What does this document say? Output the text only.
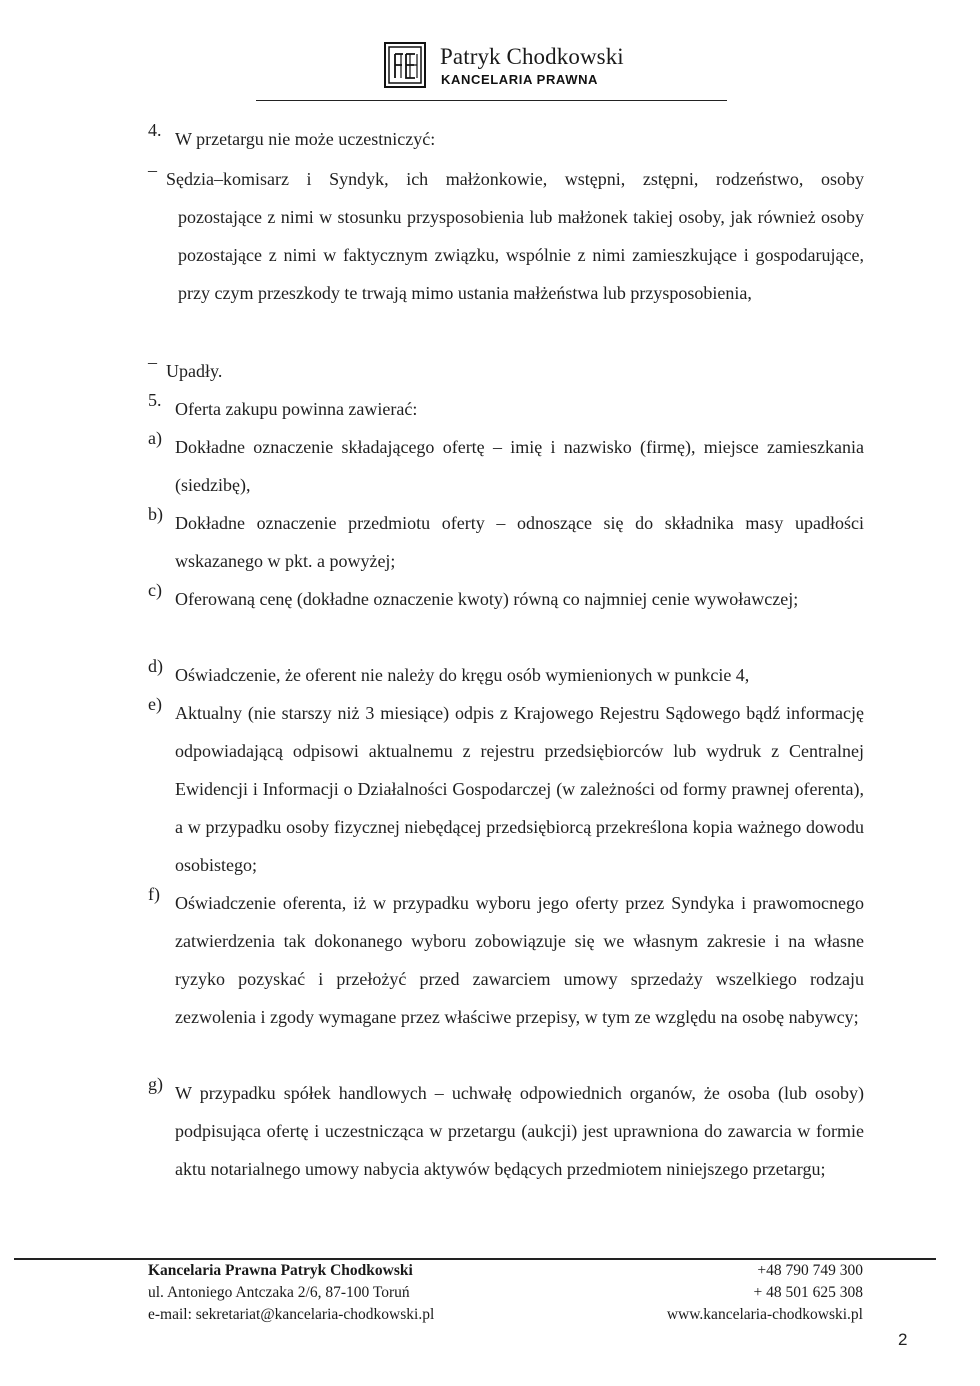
Patryk Chodkowski
KANCELARIA PRAWNA
4. W przetargu nie może uczestniczyć:
– Sędzia–komisarz i Syndyk, ich małżonkowie, wstępni, zstępni, rodzeństwo, osoby
pozostające z nimi w stosunku przysposobienia lub małżonek takiej osoby, jak również osoby pozostające z nimi w faktycznym związku, wspólnie z nimi zamieszkujące i gospodarujące, przy czym przeszkody te trwają mimo ustania małżeństwa lub przysposobienia,
– Upadły.
5. Oferta zakupu powinna zawierać:
a) Dokładne oznaczenie składającego ofertę – imię i nazwisko (firmę), miejsce zamieszkania (siedzibę),
b) Dokładne oznaczenie przedmiotu oferty – odnoszące się do składnika masy upadłości wskazanego w pkt. a powyżej;
c) Oferowaną cenę (dokładne oznaczenie kwoty) równą co najmniej cenie wywoławczej;
d) Oświadczenie, że oferent nie należy do kręgu osób wymienionych w punkcie 4,
e) Aktualny (nie starszy niż 3 miesiące) odpis z Krajowego Rejestru Sądowego bądź informację odpowiadającą odpisowi aktualnemu z rejestru przedsiębiorców lub wydruk z Centralnej Ewidencji i Informacji o Działalności Gospodarczej (w zależności od formy prawnej oferenta), a w przypadku osoby fizycznej niebędącej przedsiębiorcą przekreślona kopia ważnego dowodu osobistego;
f) Oświadczenie oferenta, iż w przypadku wyboru jego oferty przez Syndyka i prawomocnego zatwierdzenia tak dokonanego wyboru zobowiązuje się we własnym zakresie i na własne ryzyko pozyskać i przełożyć przed zawarciem umowy sprzedaży wszelkiego rodzaju zezwolenia i zgody wymagane przez właściwe przepisy, w tym ze względu na osobę nabywcy;
g) W przypadku spółek handlowych – uchwałę odpowiednich organów, że osoba (lub osoby) podpisująca ofertę i uczestnicząca w przetargu (aukcji) jest uprawniona do zawarcia w formie aktu notarialnego umowy nabycia aktywów będących przedmiotem niniejszego przetargu;
Kancelaria Prawna Patryk Chodkowski
ul. Antoniego Antczaka 2/6, 87-100 Toruń
e-mail: sekretariat@kancelaria-chodkowski.pl
+48 790 749 300
+ 48 501 625 308
www.kancelaria-chodkowski.pl
2
